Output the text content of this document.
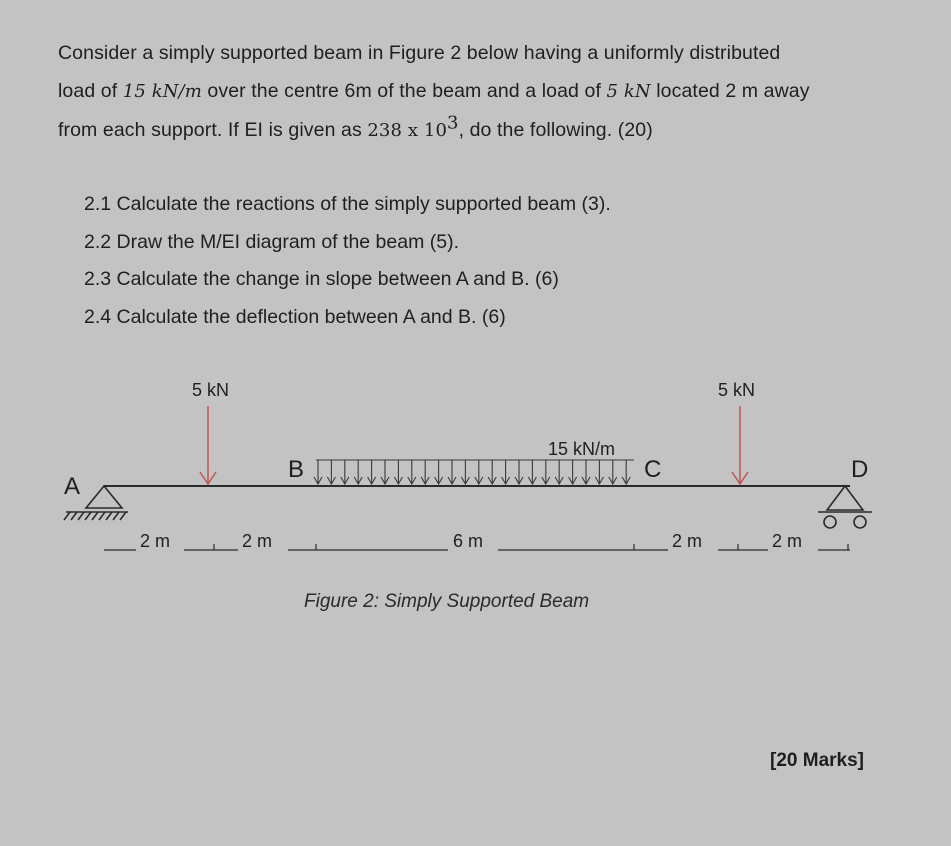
Consider a simply supported beam in Figure 2 below having a uniformly distributed
load of 15 kN/m over the centre 6m of the beam and a load of 5 kN located 2 m away
from each support. If EI is given as 238 x $10^3$, do the following. (20)
2.1 Calculate the reactions of the simply supported beam (3).
2.2 Draw the M/EI diagram of the beam (5).
2.3 Calculate the change in slope between A and B. (6)
2.4 Calculate the deflection between A and B. (6)
A
B	C	D
5 kN	5 kN
15 kN/m
2 m	2 m	6 m	2 m	2 m
Figure 2: Simply Supported Beam
[20 Marks]
